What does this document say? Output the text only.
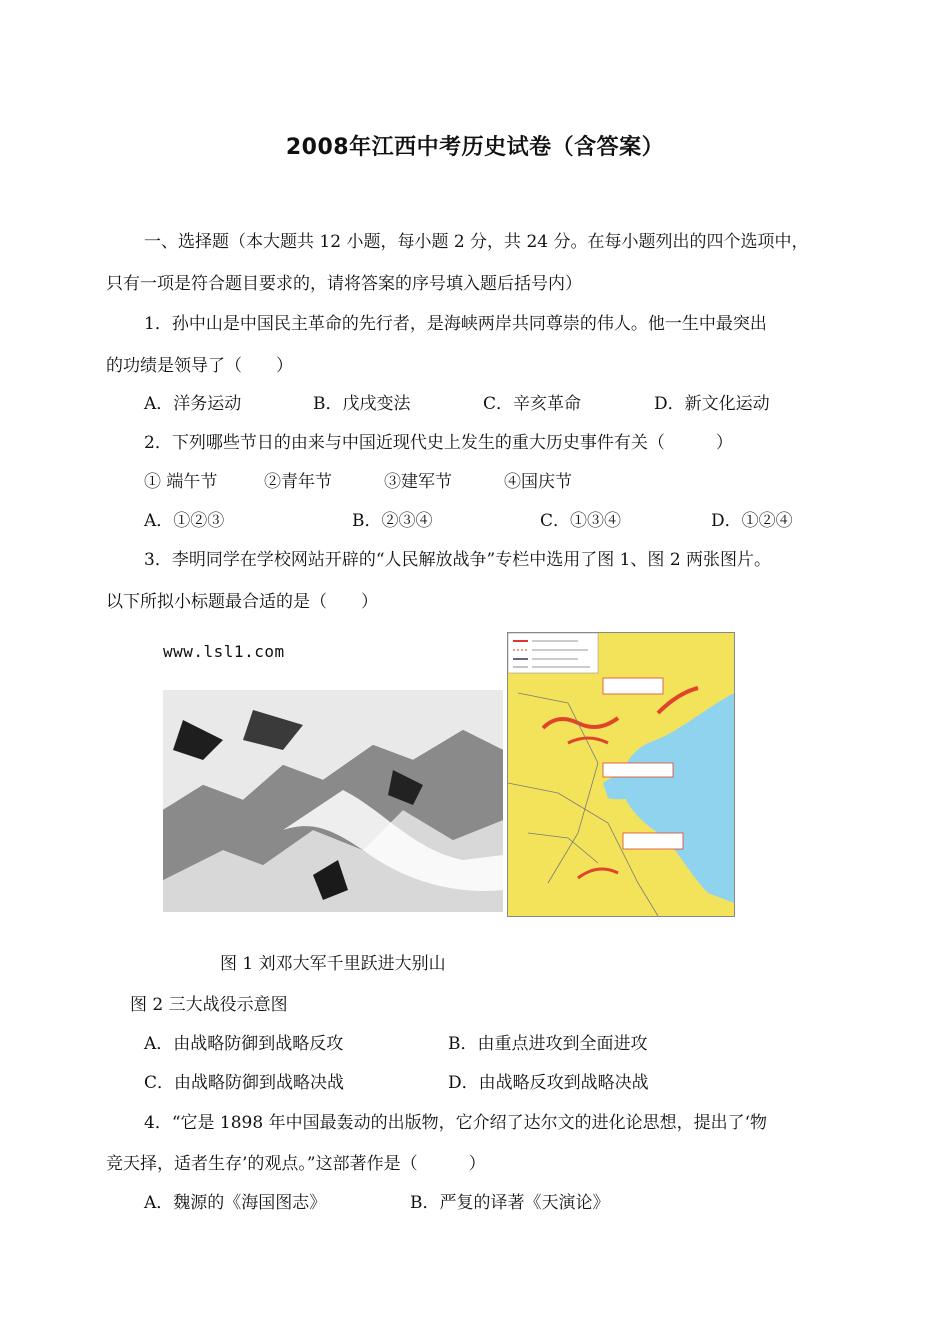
2008年江西中考历史试卷（含答案）
一、选择题（本大题共 12 小题，每小题 2 分，共 24 分。在每小题列出的四个选项中，
只有一项是符合题目要求的，请将答案的序号填入题后括号内）
1．孙中山是中国民主革命的先行者，是海峡两岸共同尊崇的伟人。他一生中最突出
的功绩是领导了（　　）
A．洋务运动	B．戊戌变法	C．辛亥革命	D．新文化运动
2．下列哪些节日的由来与中国近现代史上发生的重大历史事件有关（　　　）
① 端午节	②青年节	③建军节	④国庆节
A．①②③	B．②③④	C．①③④	D．①②④
3．李明同学在学校网站开辟的“人民解放战争”专栏中选用了图 1、图 2 两张图片。
以下所拟小标题最合适的是（　　）
www.lsl1.com
图 1 刘邓大军千里跃进大别山
图 2 三大战役示意图
A．由战略防御到战略反攻	B．由重点进攻到全面进攻
C．由战略防御到战略决战	D．由战略反攻到战略决战
4．“它是 1898 年中国最轰动的出版物，它介绍了达尔文的进化论思想，提出了‘物
竞天择，适者生存’的观点。”这部著作是（　　　）
A．魏源的《海国图志》	B．严复的译著《天演论》
